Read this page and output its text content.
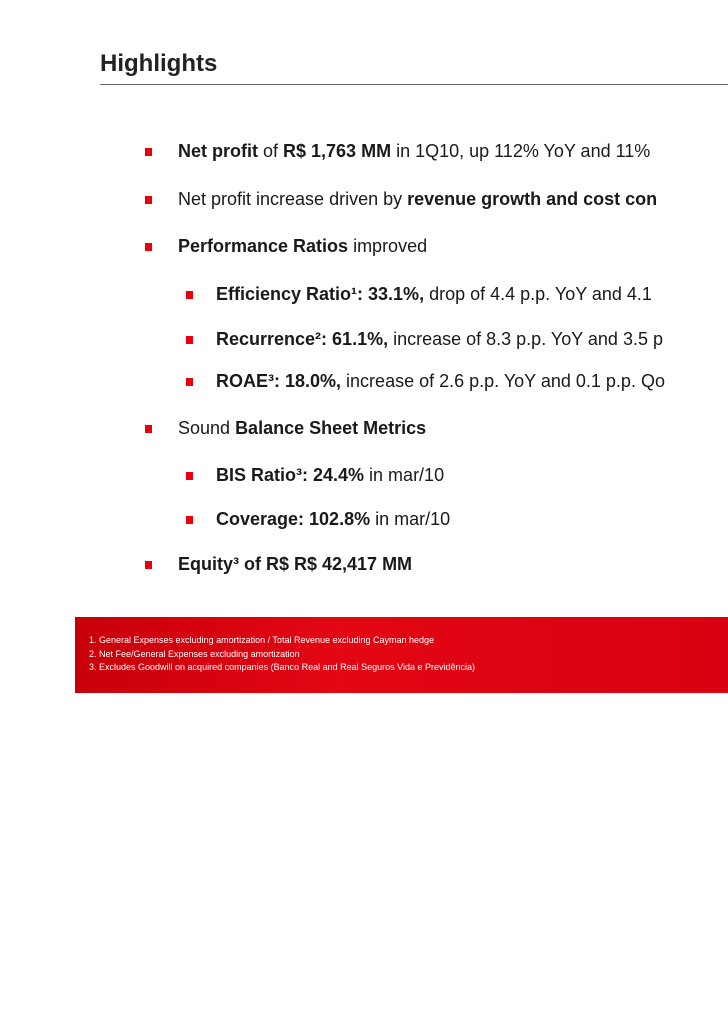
Highlights
Net profit of R$ 1,763 MM in 1Q10, up 112% YoY and 11%
Net profit increase driven by revenue growth and cost con
Performance Ratios improved
Efficiency Ratio¹: 33.1%, drop of 4.4 p.p. YoY and 4.1
Recurrence²: 61.1%, increase of 8.3 p.p. YoY and 3.5 p
ROAE³: 18.0%, increase of 2.6 p.p. YoY and 0.1 p.p. Qo
Sound Balance Sheet Metrics
BIS Ratio³: 24.4% in mar/10
Coverage: 102.8% in mar/10
Equity³ of R$ R$ 42,417 MM
1. General Expenses excluding amortization / Total Revenue excluding Cayman hedge
2. Net Fee/General Expenses excluding amortization
3. Excludes Goodwill on acquired companies (Banco Real and Real Seguros Vida e Previdência)
